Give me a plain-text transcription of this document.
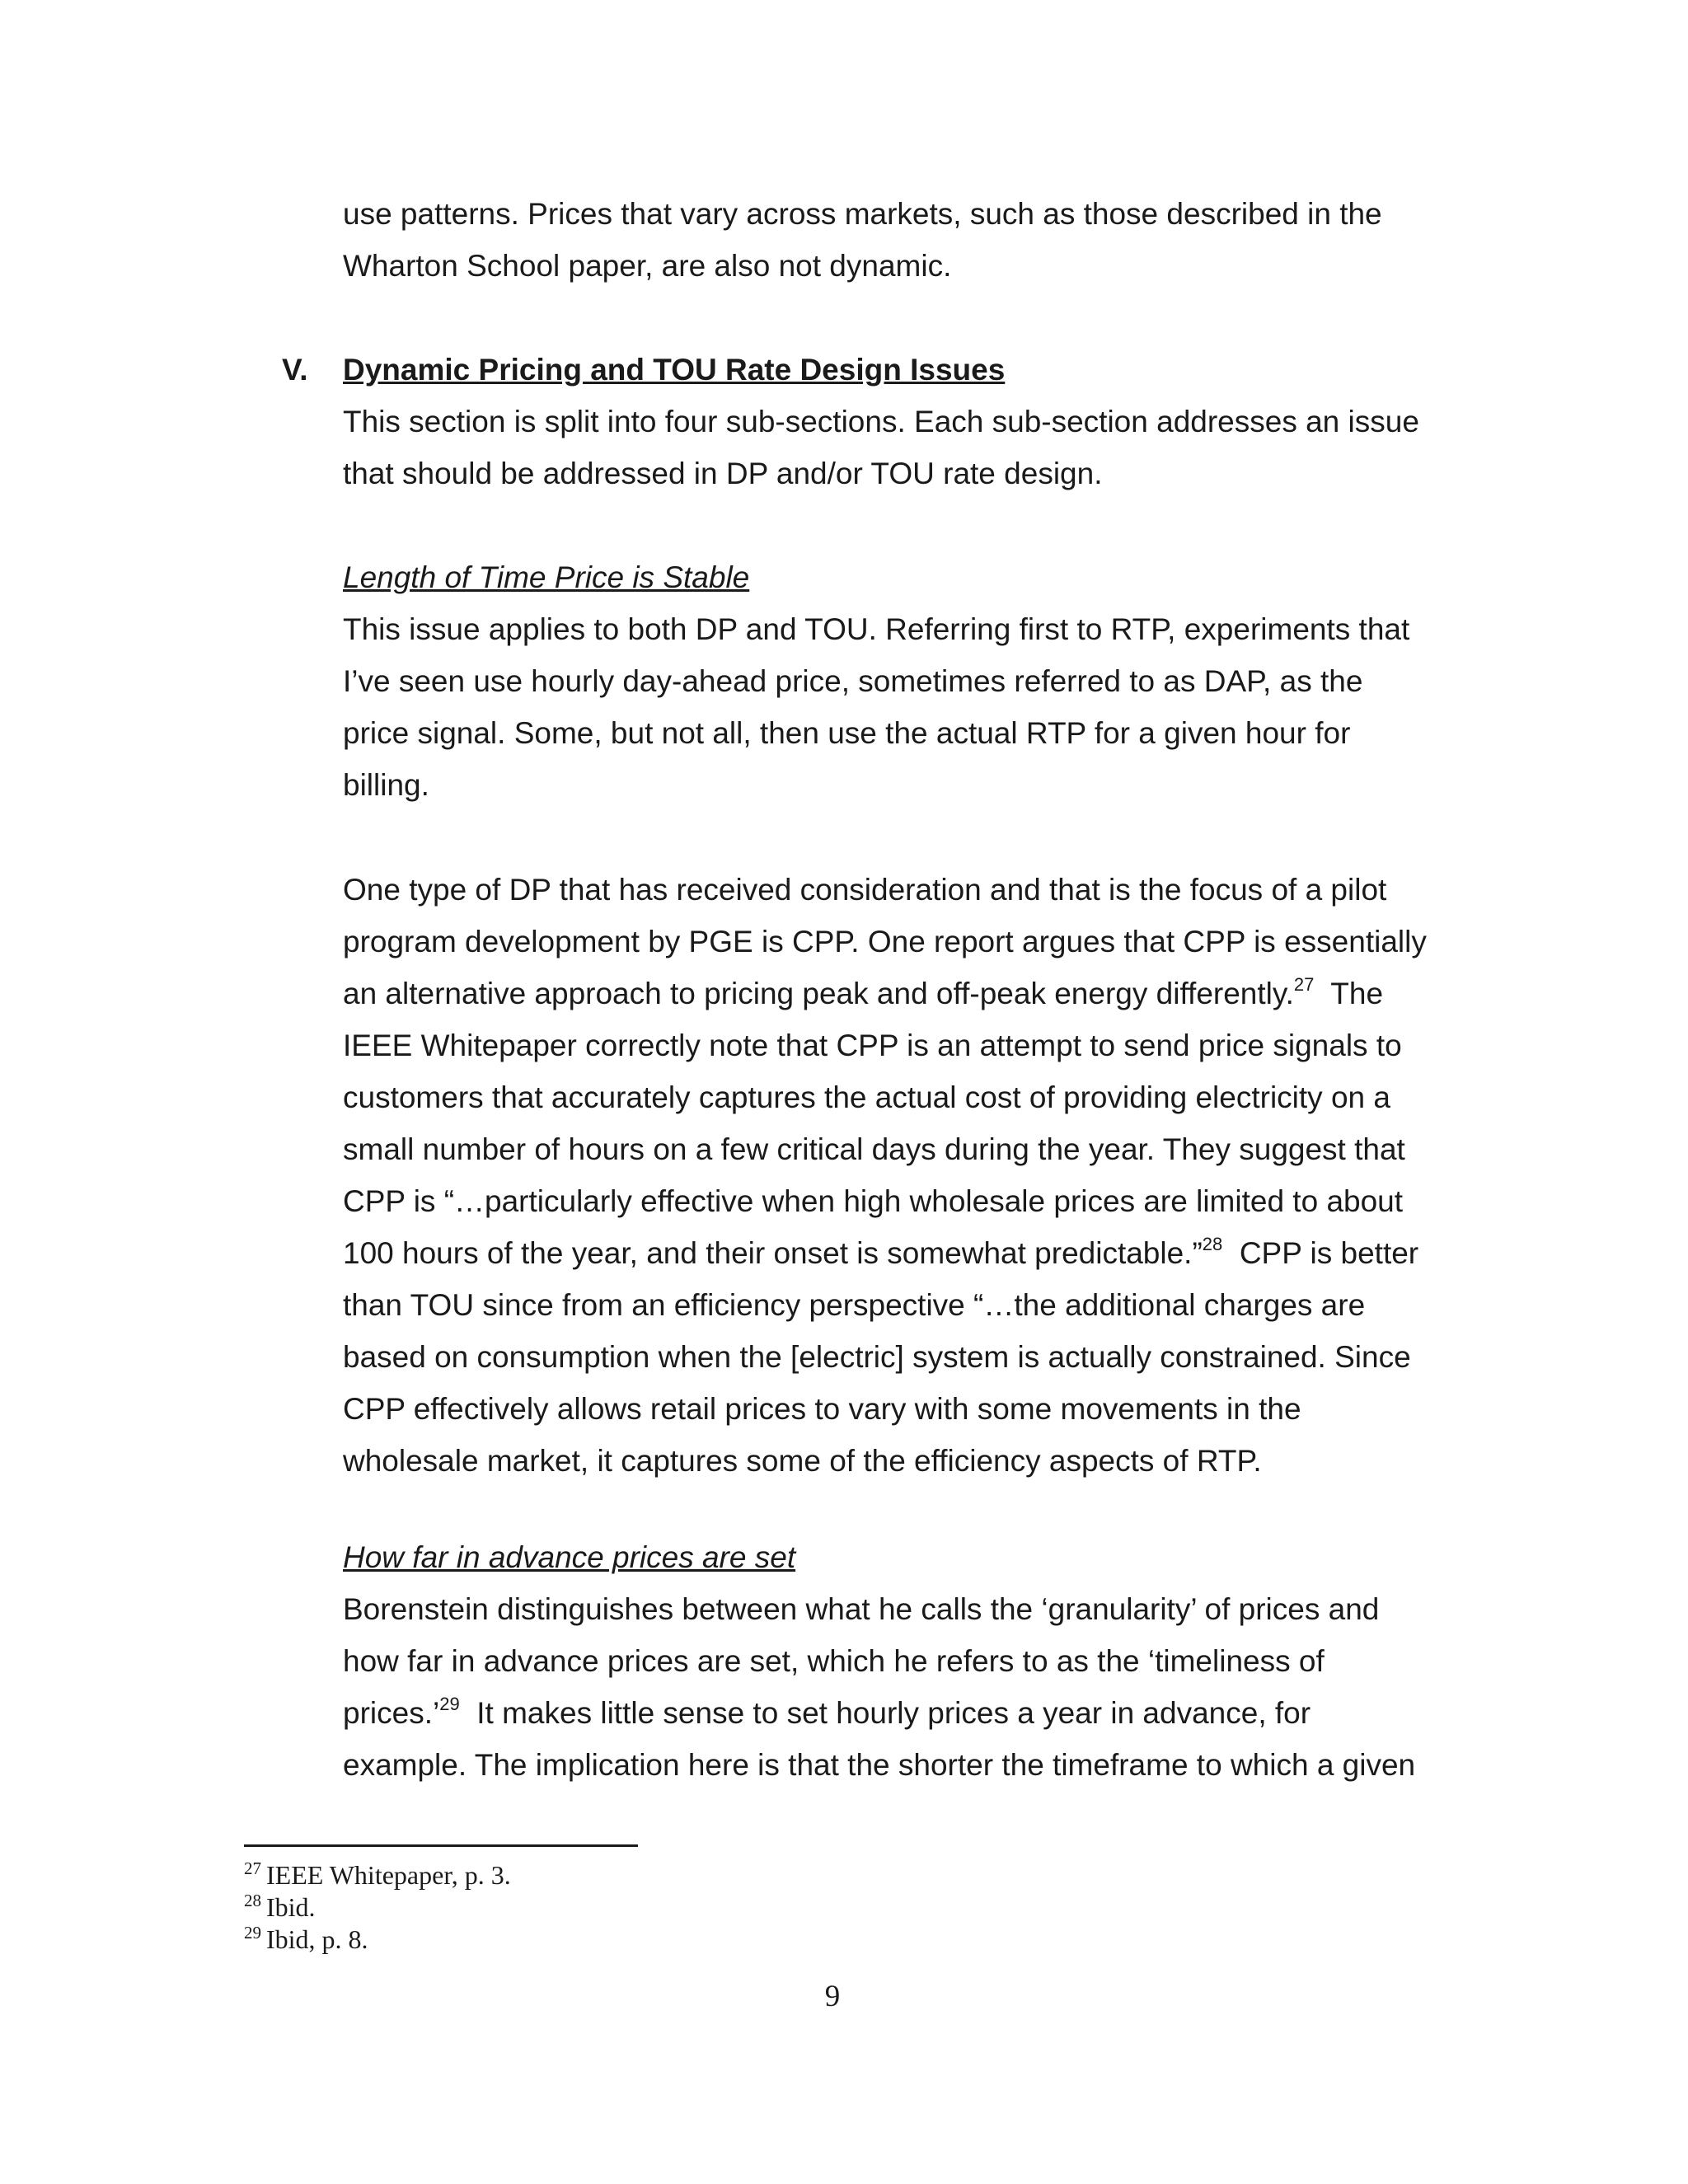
use patterns. Prices that vary across markets, such as those described in the
Wharton School paper, are also not dynamic.

V. Dynamic Pricing and TOU Rate Design Issues
This section is split into four sub-sections. Each sub-section addresses an issue
that should be addressed in DP and/or TOU rate design.

Length of Time Price is Stable
This issue applies to both DP and TOU. Referring first to RTP, experiments that
I’ve seen use hourly day-ahead price, sometimes referred to as DAP, as the
price signal. Some, but not all, then use the actual RTP for a given hour for
billing.

One type of DP that has received consideration and that is the focus of a pilot
program development by PGE is CPP. One report argues that CPP is essentially
an alternative approach to pricing peak and off-peak energy differently.$^{27}$  The
IEEE Whitepaper correctly note that CPP is an attempt to send price signals to
customers that accurately captures the actual cost of providing electricity on a
small number of hours on a few critical days during the year. They suggest that
CPP is “…particularly effective when high wholesale prices are limited to about
100 hours of the year, and their onset is somewhat predictable.”$^{28}$  CPP is better
than TOU since from an efficiency perspective “…the additional charges are
based on consumption when the [electric] system is actually constrained. Since
CPP effectively allows retail prices to vary with some movements in the
wholesale market, it captures some of the efficiency aspects of RTP.

How far in advance prices are set
Borenstein distinguishes between what he calls the ‘granularity’ of prices and
how far in advance prices are set, which he refers to as the ‘timeliness of
prices.’$^{29}$  It makes little sense to set hourly prices a year in advance, for
example. The implication here is that the shorter the timeframe to which a given

$^{27}$ IEEE Whitepaper, p. 3.
$^{28}$ Ibid.
$^{29}$ Ibid, p. 8.
9
